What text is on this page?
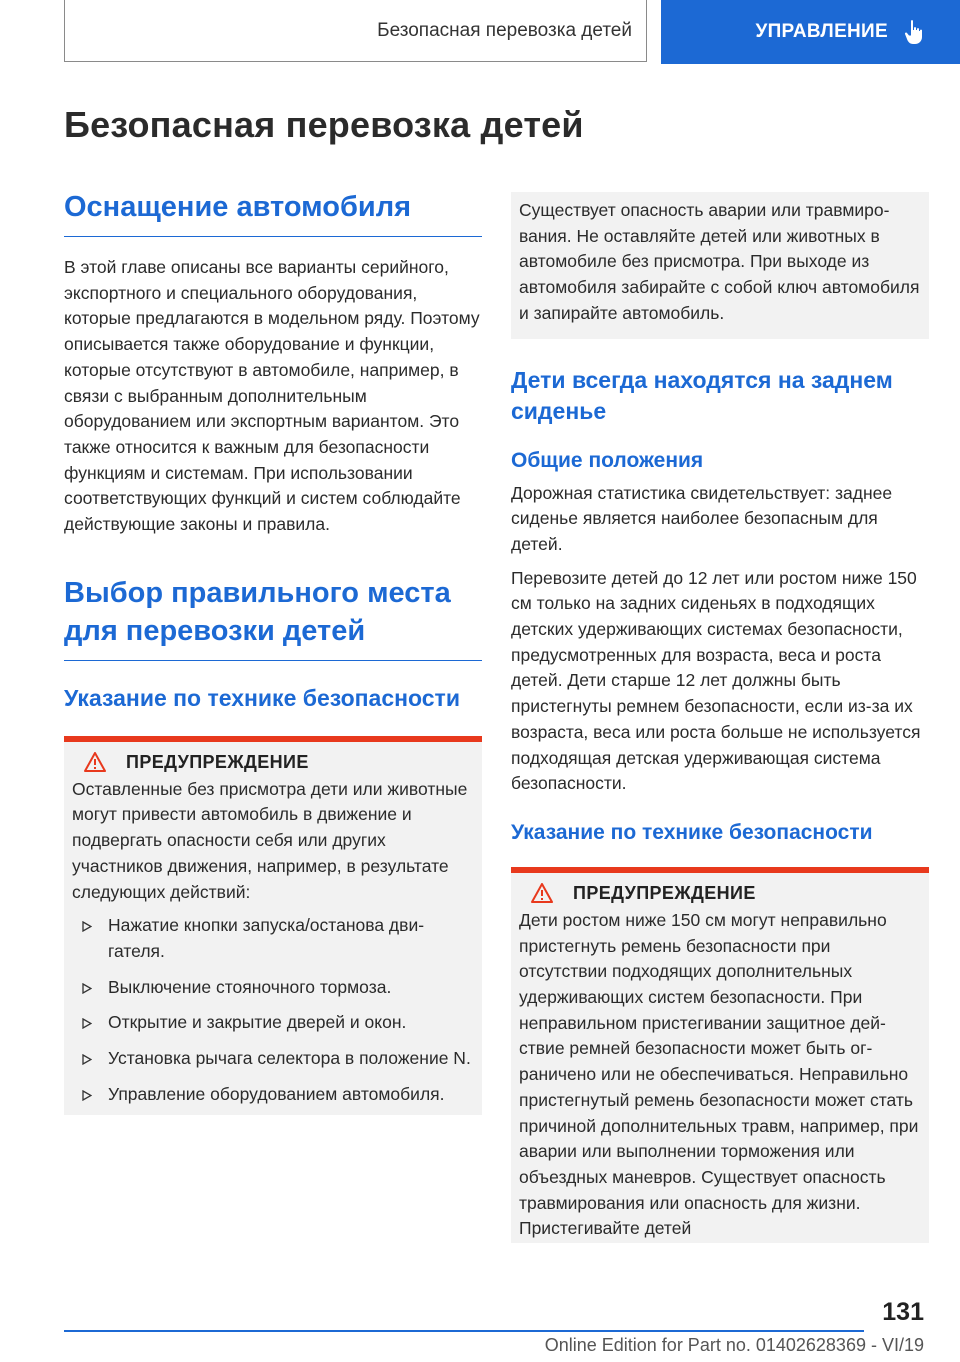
Безопасная перевозка детей	УПРАВЛЕНИЕ
Безопасная перевозка детей
Оснащение автомобиля

В этой главе описаны все варианты серийного, экспортного и специального оборудования, которые предлагаются в модельном ряду. Поэтому описывается также оборудование и функции, которые отсутствуют в автомобиле, например, в связи с выбранным дополнительным оборудованием или экспортным вариантом. Это также относится к важным для безопасности функциям и системам. При использовании соответствующих функций и систем соблюдайте действующие законы и правила.

Выбор правильного места для перевозки детей
Указание по технике безопасности
ПРЕДУПРЕЖДЕНИЕ

Оставленные без присмотра дети или животные могут привести автомобиль в движение и подвергать опасности себя или других участников движения, например, в результате следующих действий:

Нажатие кнопки запуска/останова двигателя.
Выключение стояночного тормоза.
Открытие и закрытие дверей и окон.
Установка рычага селектора в положение N.
Управление оборудованием автомобиля.

Существует опасность аварии или травмирования. Не оставляйте детей или животных в автомобиле без присмотра. При выходе из автомобиля забирайте с собой ключ автомобиля и запирайте автомобиль.

Дети всегда находятся на заднем сиденье
Общие положения

Дорожная статистика свидетельствует: заднее сиденье является наиболее безопасным для детей.

Перевозите детей до 12 лет или ростом ниже 150 см только на задних сиденьях в подходящих детских удерживающих системах безопасности, предусмотренных для возраста, веса и роста детей. Дети старше 12 лет должны быть пристегнуты ремнем безопасности, если из-за их возраста, веса или роста больше не используется подходящая детская удерживающая система безопасности.

Указание по технике безопасности
ПРЕДУПРЕЖДЕНИЕ

Дети ростом ниже 150 см могут неправильно пристегнуть ремень безопасности при отсутствии подходящих дополнительных удерживающих систем безопасности. При неправильном пристегивании защитное действие ремней безопасности может быть ограничено или не обеспечиваться. Неправильно пристегнутый ремень безопасности может стать причиной дополнительных травм, например, при аварии или выполнении торможения или объездных маневров. Существует опасность травмирования или опасность для жизни. Пристегивайте детей

131
Online Edition for Part no. 01402628369 - VI/19
